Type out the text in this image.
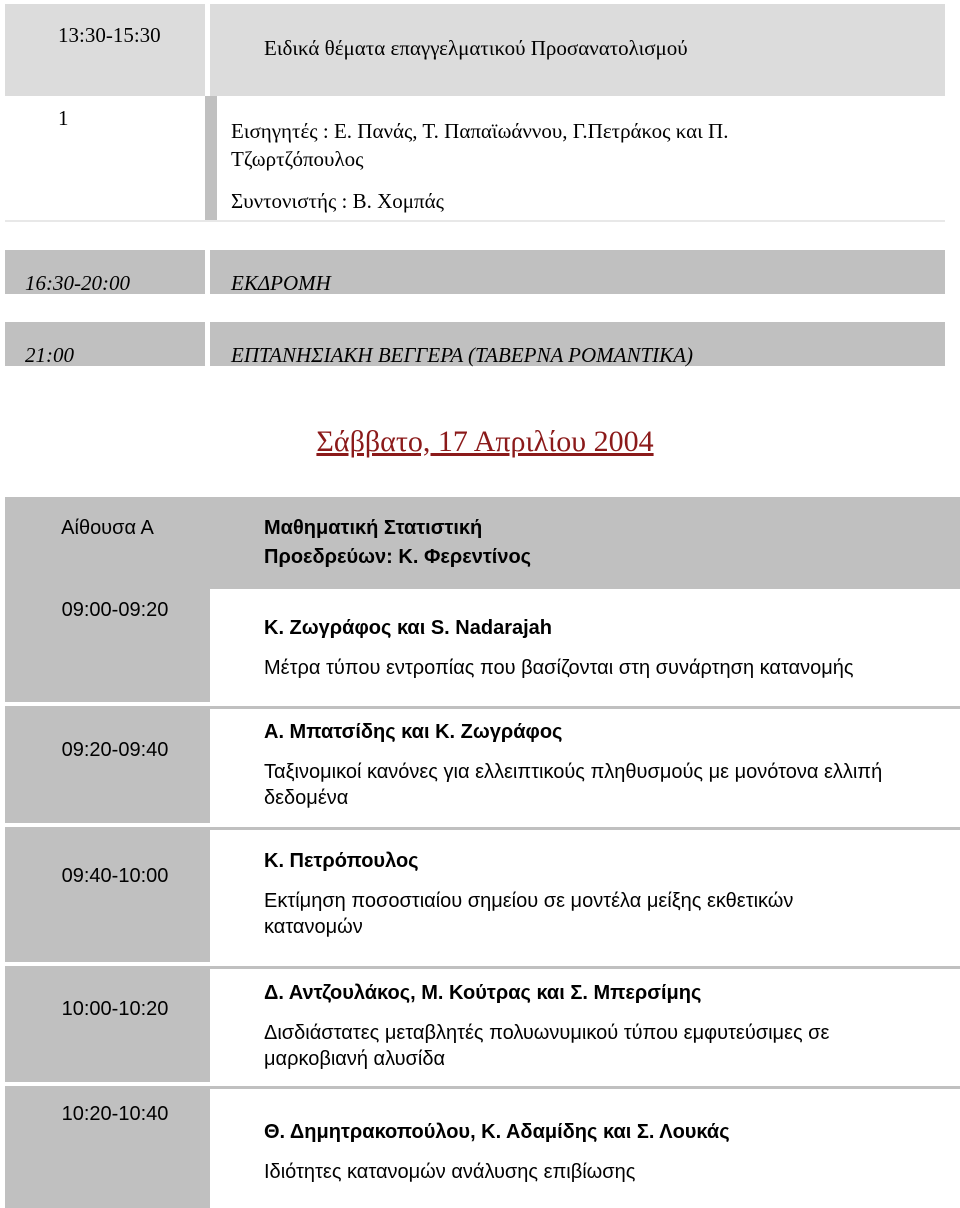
13:30-15:30
Ειδικά θέματα επαγγελματικού Προσανατολισμού
1
Εισηγητές : Ε. Πανάς, Τ. Παπαϊωάννου, Γ.Πετράκος και Π.
Τζωρτζόπουλος
Συντονιστής : Β. Χομπάς
16:30-20:00	ΕΚΔΡΟΜΗ
21:00	ΕΠΤΑΝΗΣΙΑΚΗ ΒΕΓΓΕΡΑ (ΤΑΒΕΡΝΑ ΡΟΜΑΝΤΙΚΑ)
Σάββατο, 17 Απριλίου 2004
Αίθουσα Α	Μαθηματική Στατιστική
Προεδρεύων: Κ. Φερεντίνος
09:00-09:20
Κ. Ζωγράφος και S. Nadarajah
Μέτρα τύπου εντροπίας που βασίζονται στη συνάρτηση κατανομής
09:20-09:40
Α. Μπατσίδης και Κ. Ζωγράφος
Ταξινομικοί κανόνες για ελλειπτικούς πληθυσμούς με μονότονα ελλιπή
δεδομένα
09:40-10:00
Κ. Πετρόπουλος
Εκτίμηση ποσοστιαίου σημείου σε μοντέλα μείξης εκθετικών
κατανομών
10:00-10:20
Δ. Αντζουλάκος, Μ. Κούτρας και Σ. Μπερσίμης
Δισδιάστατες μεταβλητές πολυωνυμικού τύπου εμφυτεύσιμες σε
μαρκοβιανή αλυσίδα
10:20-10:40
Θ. Δημητρακοπούλου, Κ. Αδαμίδης και Σ. Λουκάς
Ιδιότητες κατανομών ανάλυσης επιβίωσης
